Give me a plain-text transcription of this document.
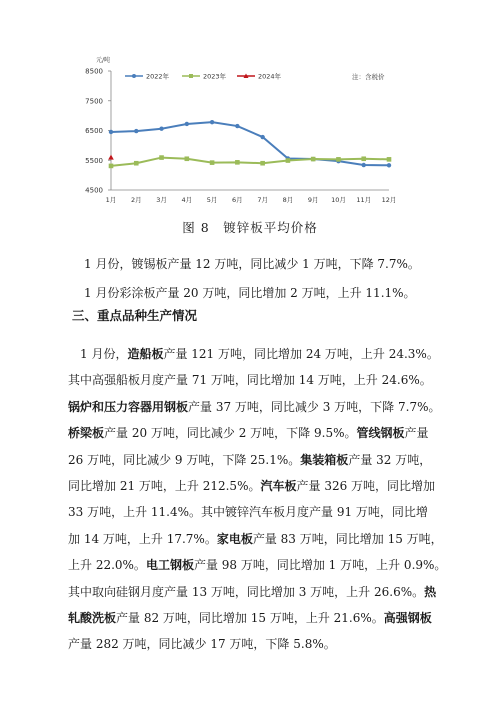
4500
5500
6500
7500
8500
元/吨
1月 2月 3月 4月 5月 6月 7月 8月 9月 10月 11月 12月
注：含税价
2022年	2023年	2024年
图 8　镀锌板平均价格
1 月份，镀锡板产量 12 万吨，同比减少 1 万吨，下降 7.7%。
1 月份彩涂板产量 20 万吨，同比增加 2 万吨，上升 11.1%。
三、重点品种生产情况
　1 月份，造船板产量 121 万吨，同比增加 24 万吨，上升 24.3%。
其中高强船板月度产量 71 万吨，同比增加 14 万吨，上升 24.6%。
锅炉和压力容器用钢板产量 37 万吨，同比减少 3 万吨，下降 7.7%。
桥梁板产量 20 万吨，同比减少 2 万吨，下降 9.5%。管线钢板产量
26 万吨，同比减少 9 万吨，下降 25.1%。集装箱板产量 32 万吨，
同比增加 21 万吨，上升 212.5%。汽车板产量 326 万吨，同比增加
33 万吨，上升 11.4%。其中镀锌汽车板月度产量 91 万吨，同比增
加 14 万吨，上升 17.7%。家电板产量 83 万吨，同比增加 15 万吨，
上升 22.0%。电工钢板产量 98 万吨，同比增加 1 万吨，上升 0.9%。
其中取向硅钢月度产量 13 万吨，同比增加 3 万吨，上升 26.6%。热
轧酸洗板产量 82 万吨，同比增加 15 万吨，上升 21.6%。高强钢板
产量 282 万吨，同比减少 17 万吨，下降 5.8%。
